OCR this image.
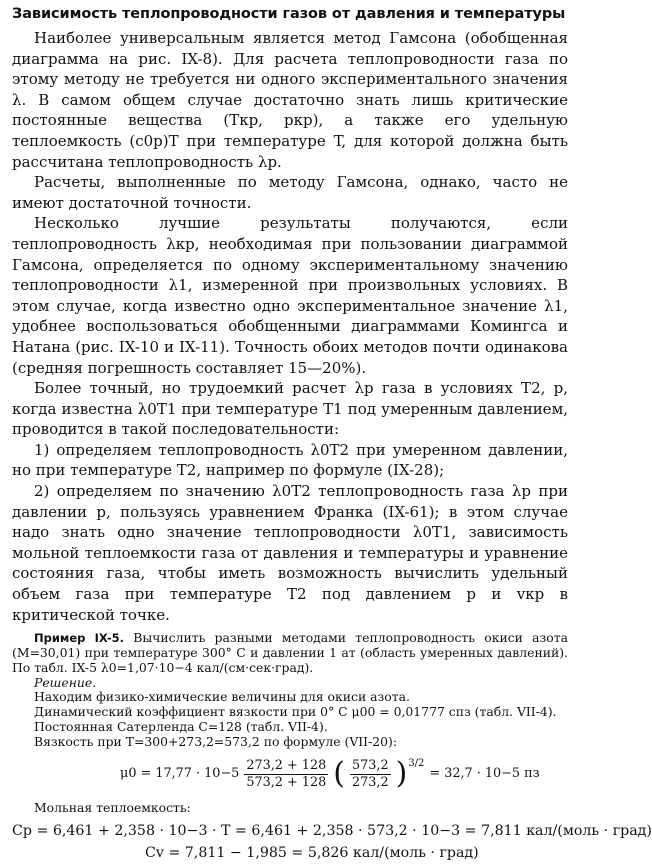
Зависимость теплопроводности газов от давления и температуры

Наиболее универсальным является метод Гамсона (обобщенная диаграмма на рис. IX-8). Для расчета теплопроводности газа по этому методу не требуется ни одного экспериментального значения λ. В самом общем случае достаточно знать лишь критические постоянные вещества (Tкр, pкр), а также его удельную теплоемкость (c0p)T при температуре T, для которой должна быть рассчитана теплопроводность λp.

Расчеты, выполненные по методу Гамсона, однако, часто не имеют достаточной точности.

Несколько лучшие результаты получаются, если теплопроводность λкр, необходимая при пользовании диаграммой Гамсона, определяется по одному экспериментальному значению теплопроводности λ1, измеренной при произвольных условиях. В этом случае, когда известно одно экспериментальное значение λ1, удобнее воспользоваться обобщенными диаграммами Комингса и Натана (рис. IX-10 и IX-11). Точность обоих методов почти одинакова (средняя погрешность составляет 15—20%).

Более точный, но трудоемкий расчет λp газа в условиях T2, p, когда известна λ0T1 при температуре T1 под умеренным давлением, проводится в такой последовательности:

1) определяем теплопроводность λ0T2 при умеренном давлении, но при температуре T2, например по формуле (IX-28);

2) определяем по значению λ0T2 теплопроводность газа λp при давлении p, пользуясь уравнением Франка (IX-61); в этом случае надо знать одно значение теплопроводности λ0T1, зависимость мольной теплоемкости газа от давления и температуры и уравнение состояния газа, чтобы иметь возможность вычислить удельный объем газа при температуре T2 под давлением p и vкр в критической точке.

Пример IX-5. Вычислить разными методами теплопроводность окиси азота (M=30,01) при температуре 300° C и давлении 1 ат (область умеренных давлений). По табл. IX-5 λ0=1,07·10−4 кал/(см·сек·град).

Решение.

Находим физико-химические величины для окиси азота.

Динамический коэффициент вязкости при 0° C μ00 = 0,01777 спз (табл. VII-4).

Постоянная Сатерленда C=128 (табл. VII-4).

Вязкость при T=300+273,2=573,2 по формуле (VII-20):

$\mu 0 = 17,77 \cdot 10-5 \frac{273,2 + 128}{573,2 + 128}$ ( $\frac{573,2}{273,2} )^{3/2}$
= 32,7 · 10−5 пз

Мольная теплоемкость:

Cp = 6,461 + 2,358 · 10−3 · T = 6,461 + 2,358 · 573,2 · 10−3 = 7,811 кал/(моль · град)
Cv = 7,811 − 1,985 = 5,826 кал/(моль · град)
